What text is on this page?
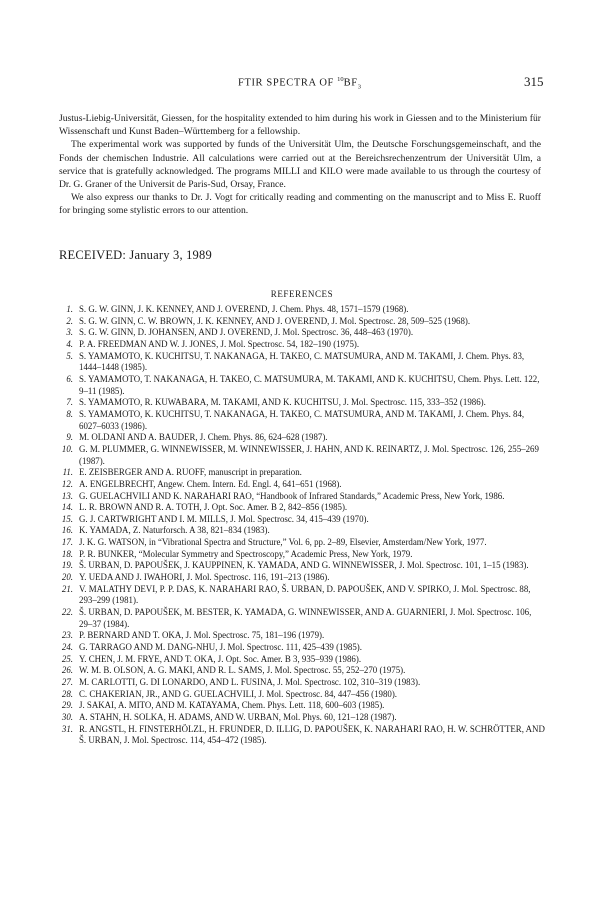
FTIR SPECTRA OF $^{10}BF_3$	315

Justus-Liebig-Universität, Giessen, for the hospitality extended to him during his work in Giessen and to the Ministerium für Wissenschaft und Kunst Baden–Württemberg for a fellowship.

The experimental work was supported by funds of the Universität Ulm, the Deutsche Forschungsgemeinschaft, and the Fonds der chemischen Industrie. All calculations were carried out at the Bereichsrechenzentrum der Universität Ulm, a service that is gratefully acknowledged. The programs MILLI and KILO were made available to us through the courtesy of Dr. G. Graner of the Universit de Paris-Sud, Orsay, France.

We also express our thanks to Dr. J. Vogt for critically reading and commenting on the manuscript and to Miss E. Ruoff for bringing some stylistic errors to our attention.

RECEIVED: January 3, 1989
REFERENCES
1. S. G. W. GINN, J. K. KENNEY, AND J. OVEREND, J. Chem. Phys. 48, 1571–1579 (1968).
2. S. G. W. GINN, C. W. BROWN, J. K. KENNEY, AND J. OVEREND, J. Mol. Spectrosc. 28, 509–525 (1968).
3. S. G. W. GINN, D. JOHANSEN, AND J. OVEREND, J. Mol. Spectrosc. 36, 448–463 (1970).
4. P. A. FREEDMAN AND W. J. JONES, J. Mol. Spectrosc. 54, 182–190 (1975).
5. S. YAMAMOTO, K. KUCHITSU, T. NAKANAGA, H. TAKEO, C. MATSUMURA, AND M. TAKAMI, J. Chem. Phys. 83, 1444–1448 (1985).
6. S. YAMAMOTO, T. NAKANAGA, H. TAKEO, C. MATSUMURA, M. TAKAMI, AND K. KUCHITSU, Chem. Phys. Lett. 122, 9–11 (1985).
7. S. YAMAMOTO, R. KUWABARA, M. TAKAMI, AND K. KUCHITSU, J. Mol. Spectrosc. 115, 333–352 (1986).
8. S. YAMAMOTO, K. KUCHITSU, T. NAKANAGA, H. TAKEO, C. MATSUMURA, AND M. TAKAMI, J. Chem. Phys. 84, 6027–6033 (1986).
9. M. OLDANI AND A. BAUDER, J. Chem. Phys. 86, 624–628 (1987).
10. G. M. PLUMMER, G. WINNEWISSER, M. WINNEWISSER, J. HAHN, AND K. REINARTZ, J. Mol. Spectrosc. 126, 255–269 (1987).
11. E. ZEISBERGER AND A. RUOFF, manuscript in preparation.
12. A. ENGELBRECHT, Angew. Chem. Intern. Ed. Engl. 4, 641–651 (1968).
13. G. GUELACHVILI AND K. NARAHARI RAO, “Handbook of Infrared Standards,” Academic Press, New York, 1986.
14. L. R. BROWN AND R. A. TOTH, J. Opt. Soc. Amer. B 2, 842–856 (1985).
15. G. J. CARTWRIGHT AND I. M. MILLS, J. Mol. Spectrosc. 34, 415–439 (1970).
16. K. YAMADA, Z. Naturforsch. A 38, 821–834 (1983).
17. J. K. G. WATSON, in “Vibrational Spectra and Structure,” Vol. 6, pp. 2–89, Elsevier, Amsterdam/New York, 1977.
18. P. R. BUNKER, “Molecular Symmetry and Spectroscopy,” Academic Press, New York, 1979.
19. Š. URBAN, D. PAPOUŠEK, J. KAUPPINEN, K. YAMADA, AND G. WINNEWISSER, J. Mol. Spectrosc. 101, 1–15 (1983).
20. Y. UEDA AND J. IWAHORI, J. Mol. Spectrosc. 116, 191–213 (1986).
21. V. MALATHY DEVI, P. P. DAS, K. NARAHARI RAO, Š. URBAN, D. PAPOUŠEK, AND V. SPIRKO, J. Mol. Spectrosc. 88, 293–299 (1981).
22. Š. URBAN, D. PAPOUŠEK, M. BESTER, K. YAMADA, G. WINNEWISSER, AND A. GUARNIERI, J. Mol. Spectrosc. 106, 29–37 (1984).
23. P. BERNARD AND T. OKA, J. Mol. Spectrosc. 75, 181–196 (1979).
24. G. TARRAGO AND M. DANG-NHU, J. Mol. Spectrosc. 111, 425–439 (1985).
25. Y. CHEN, J. M. FRYE, AND T. OKA, J. Opt. Soc. Amer. B 3, 935–939 (1986).
26. W. M. B. OLSON, A. G. MAKI, AND R. L. SAMS, J. Mol. Spectrosc. 55, 252–270 (1975).
27. M. CARLOTTI, G. DI LONARDO, AND L. FUSINA, J. Mol. Spectrosc. 102, 310–319 (1983).
28. C. CHAKERIAN, JR., AND G. GUELACHVILI, J. Mol. Spectrosc. 84, 447–456 (1980).
29. J. SAKAI, A. MITO, AND M. KATAYAMA, Chem. Phys. Lett. 118, 600–603 (1985).
30. A. STAHN, H. SOLKA, H. ADAMS, AND W. URBAN, Mol. Phys. 60, 121–128 (1987).
31. R. ANGSTL, H. FINSTERHÖLZL, H. FRUNDER, D. ILLIG, D. PAPOUŠEK, K. NARAHARI RAO, H. W. SCHRÖTTER, AND Š. URBAN, J. Mol. Spectrosc. 114, 454–472 (1985).
